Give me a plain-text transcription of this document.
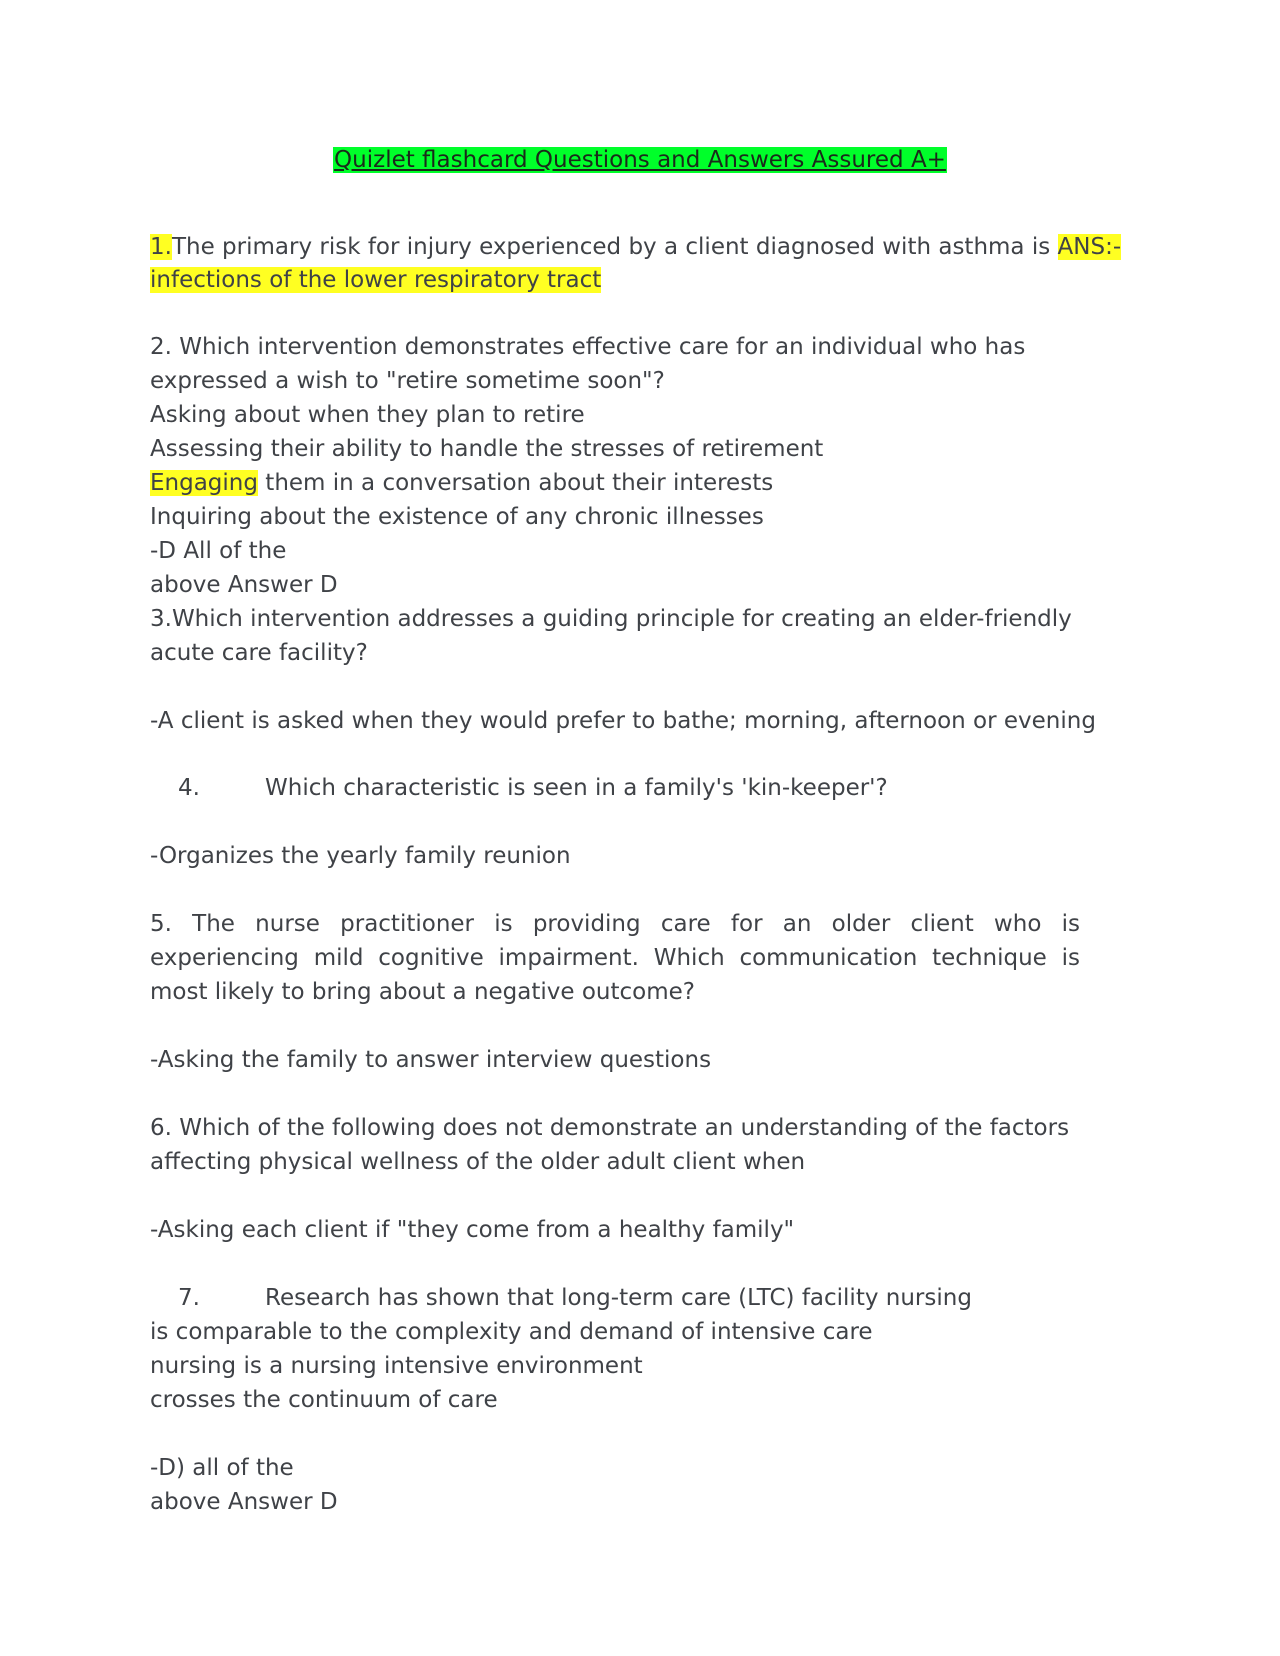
Quizlet flashcard Questions and Answers Assured A+
1.The primary risk for injury experienced by a client diagnosed with asthma is ANS:-
infections of the lower respiratory tract
2. Which intervention demonstrates effective care for an individual who has
expressed a wish to "retire sometime soon"?
Asking about when they plan to retire
Assessing their ability to handle the stresses of retirement
Engaging them in a conversation about their interests
Inquiring about the existence of any chronic illnesses
-D All of the
above Answer D
3.Which intervention addresses a guiding principle for creating an elder-friendly
acute care facility?
-A client is asked when they would prefer to bathe; morning, afternoon or evening
4.	Which characteristic is seen in a family's 'kin-keeper'?
-Organizes the yearly family reunion
5. The nurse practitioner is providing care for an older client who is experiencing mild cognitive impairment. Which communication technique is most likely to bring about a negative outcome?
-Asking the family to answer interview questions
6. Which of the following does not demonstrate an understanding of the factors
affecting physical wellness of the older adult client when
-Asking each client if "they come from a healthy family"
7.	Research has shown that long-term care (LTC) facility nursing
is comparable to the complexity and demand of intensive care
nursing is a nursing intensive environment
crosses the continuum of care
-D) all of the
above Answer D
